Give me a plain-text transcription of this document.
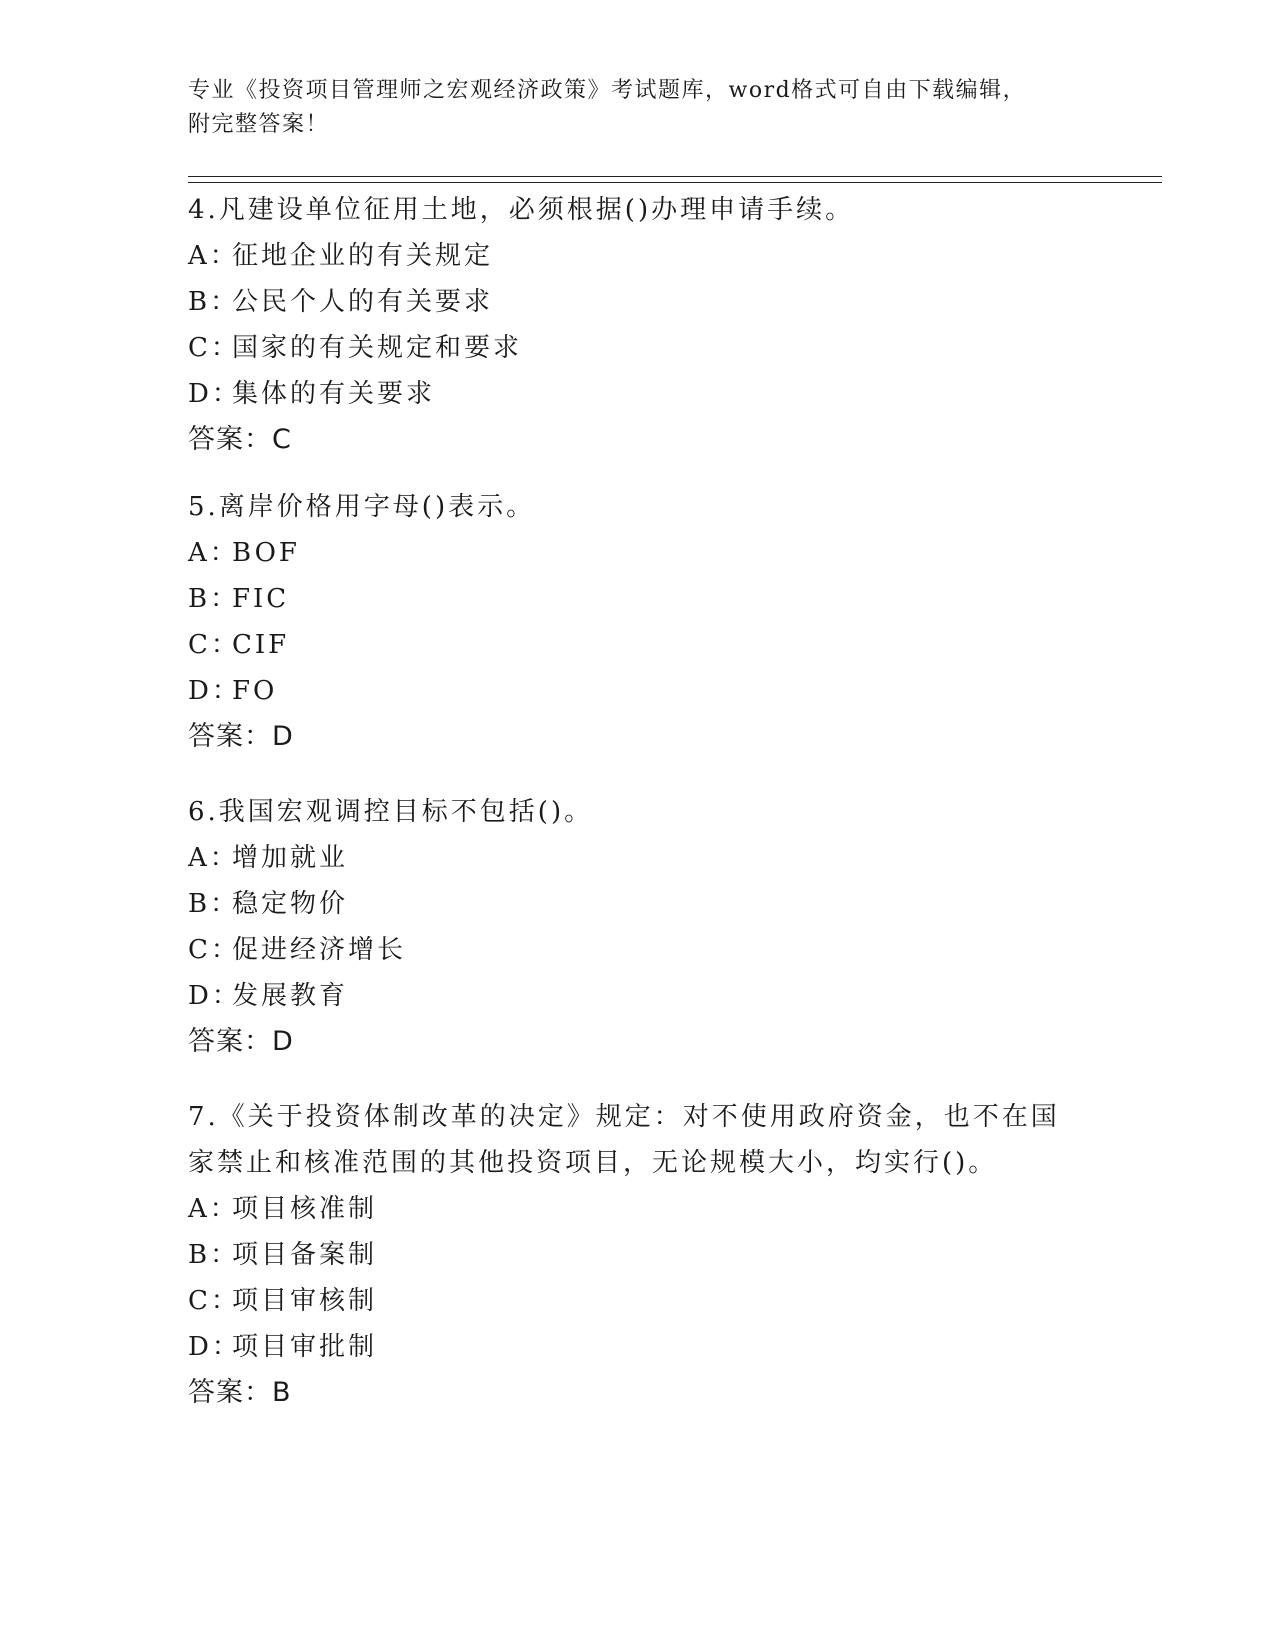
专业《投资项目管理师之宏观经济政策》考试题库，word格式可自由下载编辑，
附完整答案！
4.凡建设单位征用土地，必须根据()办理申请手续。
A：
征地企业的有关规定
B：
公民个人的有关要求
C：
国家的有关规定和要求
D：
集体的有关要求
答案：C
5.离岸价格用字母()表示。
A：
BOF
B：
FIC
C：
CIF
D：
FO
答案：D
6.我国宏观调控目标不包括()。
A：
增加就业
B：
稳定物价
C：
促进经济增长
D：
发展教育
答案：D
7.《关于投资体制改革的决定》规定：对不使用政府资金，也不在国
家禁止和核准范围的其他投资项目，无论规模大小，均实行()。
A：
项目核准制
B：
项目备案制
C：
项目审核制
D：
项目审批制
答案：B
